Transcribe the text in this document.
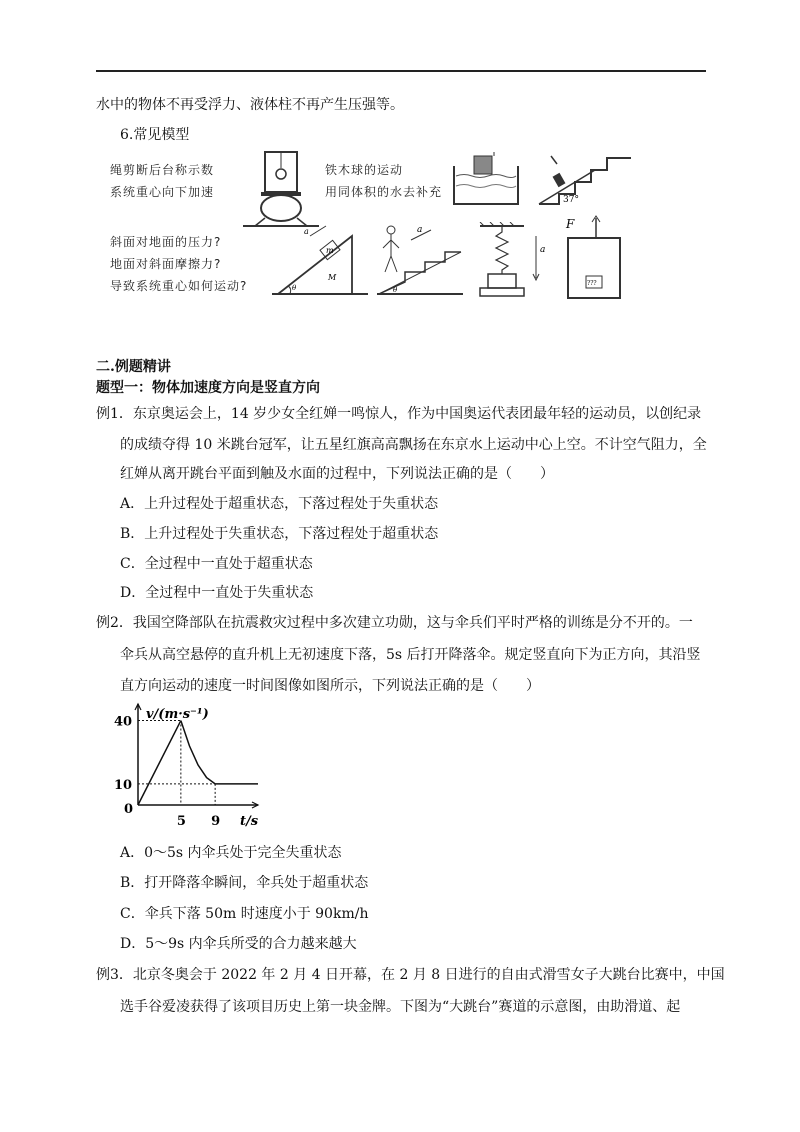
水中的物体不再受浮力、液体柱不再产生压强等。
6.常见模型
绳剪断后台称示数
系统重心向下加速
铁木球的运动
用同体积的水去补充
37°
斜面对地面的压力?
地面对斜面摩擦力?
导致系统重心如何运动?
m
M
a
θ
a
θ
a
F
???
二.例题精讲
题型一：物体加速度方向是竖直方向
例1．东京奥运会上，14 岁少女全红婵一鸣惊人，作为中国奥运代表团最年轻的运动员，以创纪录
的成绩夺得 10 米跳台冠军，让五星红旗高高飘扬在东京水上运动中心上空。不计空气阻力，全
红婵从离开跳台平面到触及水面的过程中，下列说法正确的是（　　）
A．上升过程处于超重状态，下落过程处于失重状态
B．上升过程处于失重状态，下落过程处于超重状态
C．全过程中一直处于超重状态
D．全过程中一直处于失重状态
例2．我国空降部队在抗震救灾过程中多次建立功勋，这与伞兵们平时严格的训练是分不开的。一
伞兵从高空悬停的直升机上无初速度下落，5s 后打开降落伞。规定竖直向下为正方向，其沿竖
直方向运动的速度一时间图像如图所示，下列说法正确的是（　　）
v/(m·s⁻¹)
t/s
0
40
10
5 9
A．0～5s 内伞兵处于完全失重状态
B．打开降落伞瞬间，伞兵处于超重状态
C．伞兵下落 50m 时速度小于 90km/h
D．5～9s 内伞兵所受的合力越来越大
例3．北京冬奥会于 2022 年 2 月 4 日开幕，在 2 月 8 日进行的自由式滑雪女子大跳台比赛中，中国
选手谷爱凌获得了该项目历史上第一块金牌。下图为“大跳台”赛道的示意图，由助滑道、起
